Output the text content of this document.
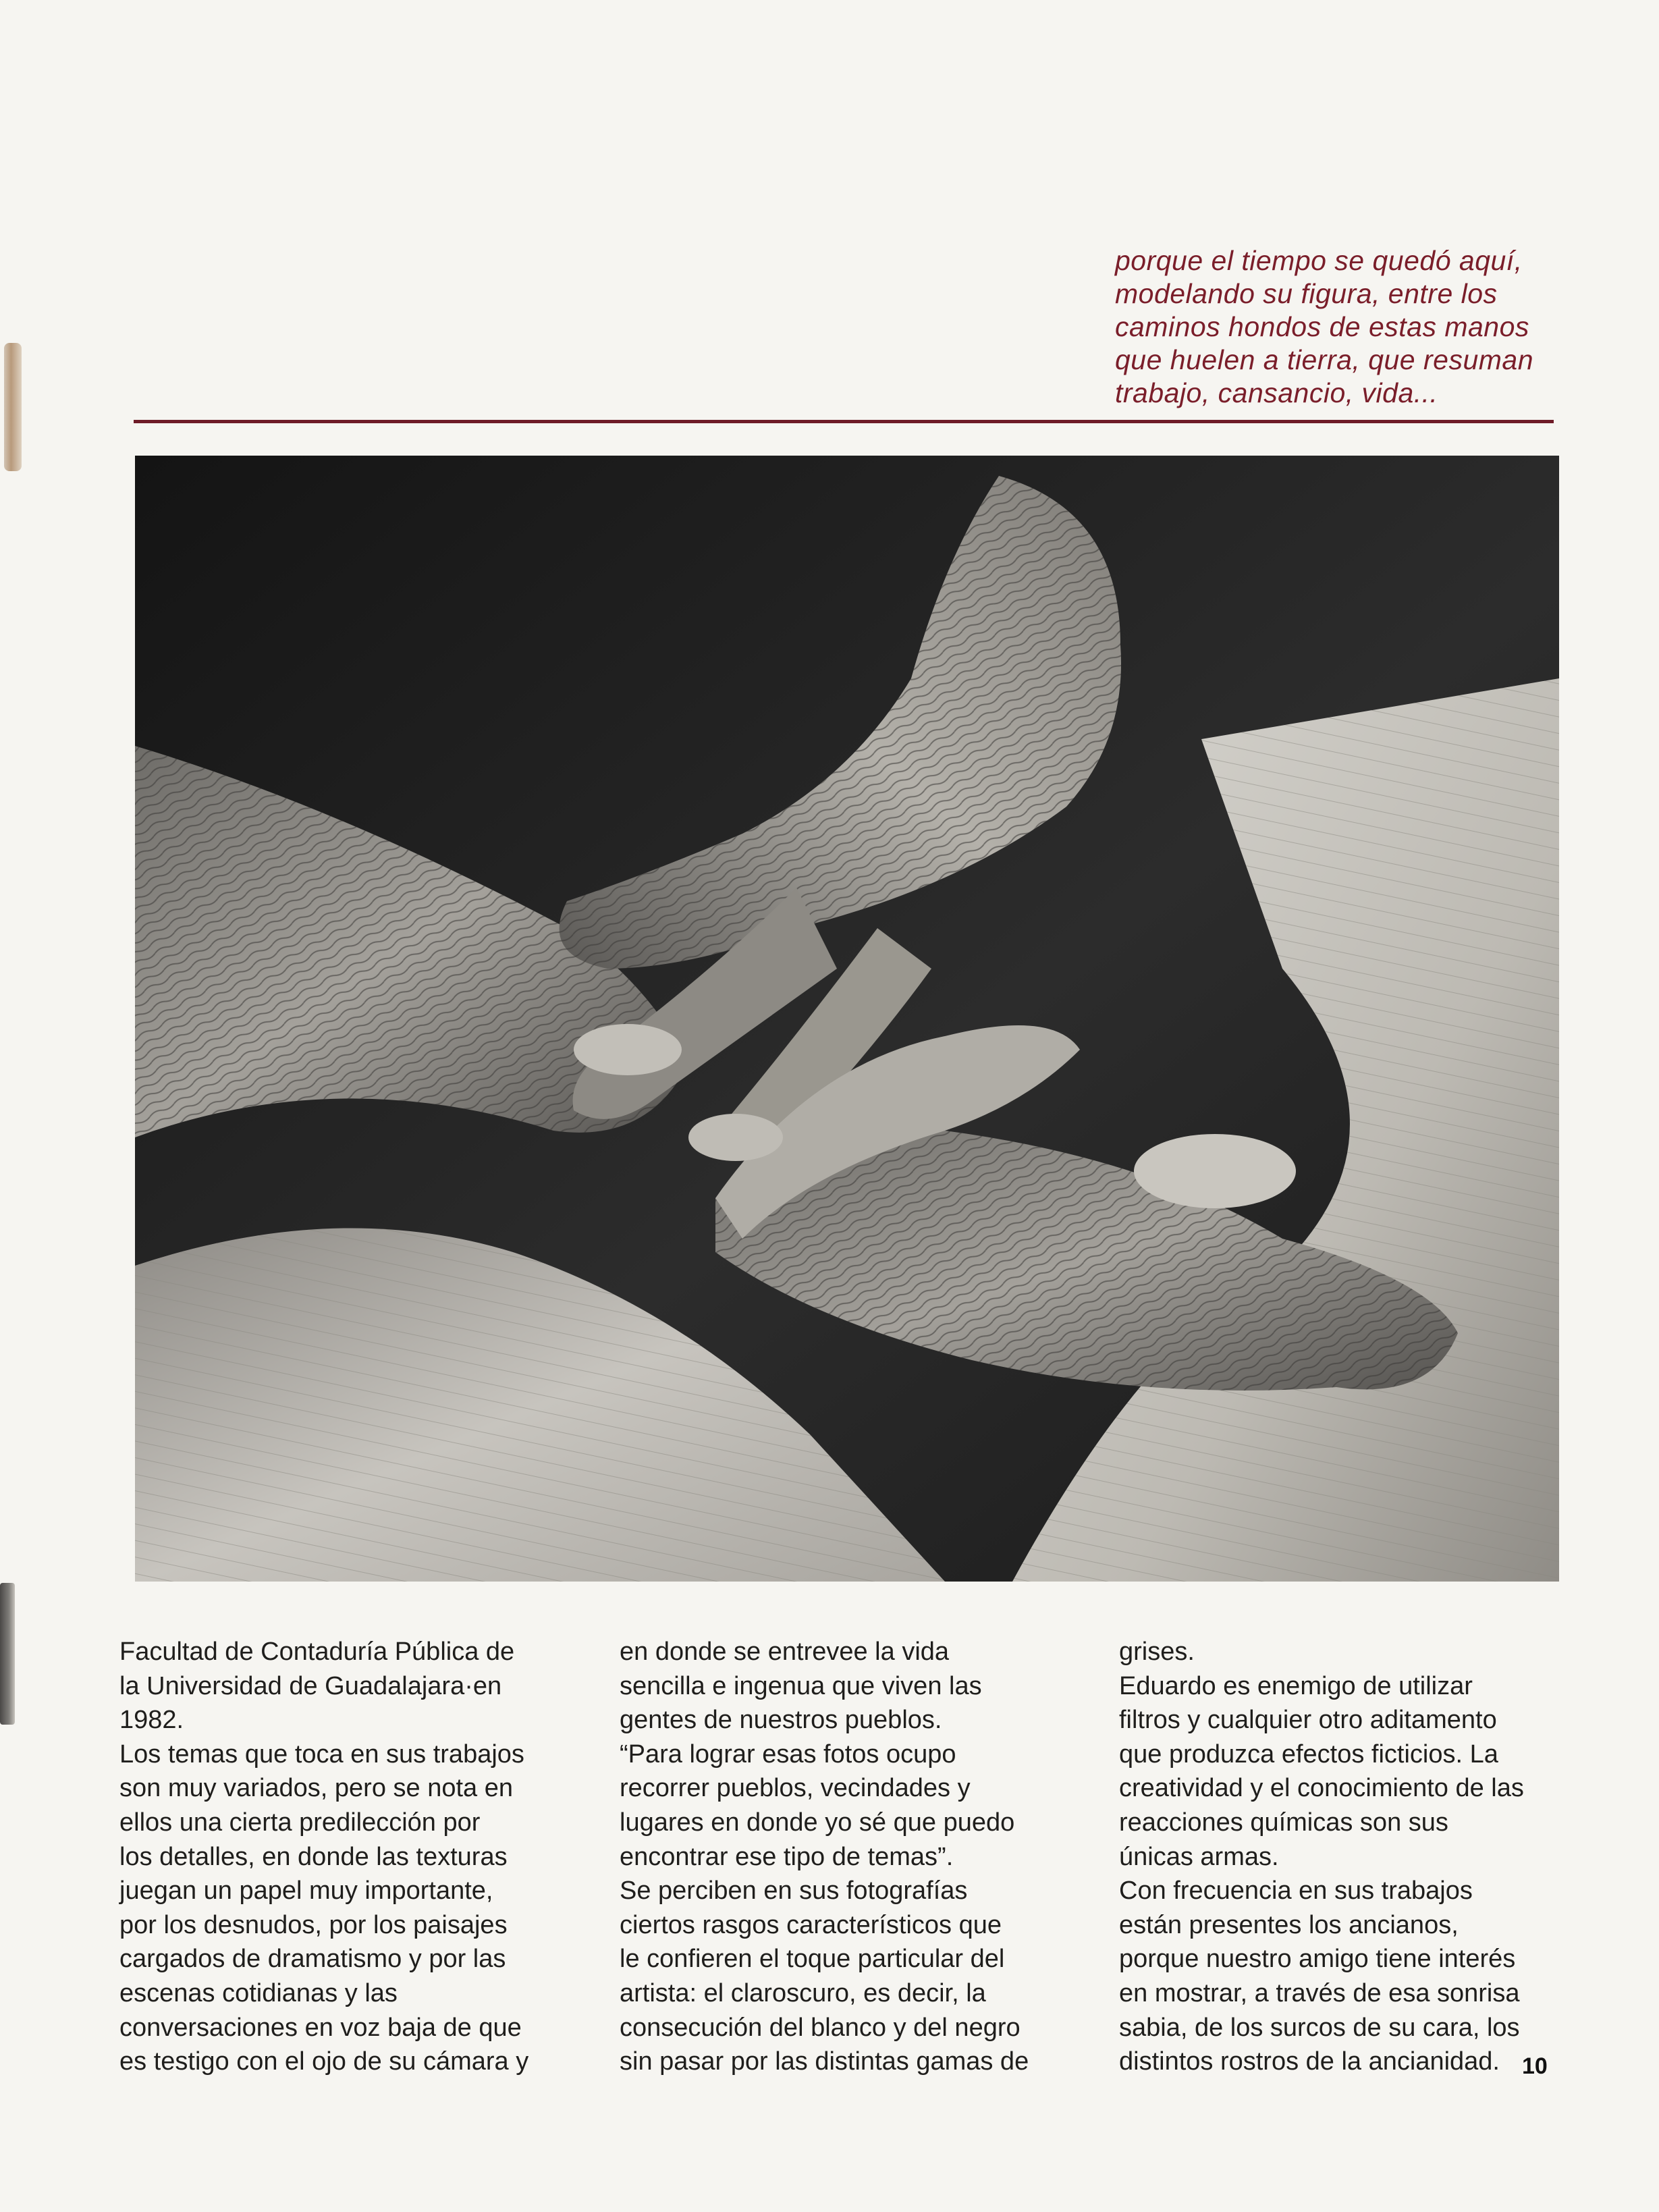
porque el tiempo se quedó aquí,
modelando su figura, entre los
caminos hondos de estas manos
que huelen a tierra, que resuman
trabajo, cansancio, vida...
Facultad de Contaduría Pública de
la Universidad de Guadalajara·en
1982.
Los temas que toca en sus trabajos
son muy variados, pero se nota en
ellos una cierta predilección por
los detalles, en donde las texturas
juegan un papel muy importante,
por los desnudos, por los paisajes
cargados de dramatismo y por las
escenas cotidianas y las
conversaciones en voz baja de que
es testigo con el ojo de su cámara y
en donde se entrevee la vida
sencilla e ingenua que viven las
gentes de nuestros pueblos.
“Para lograr esas fotos ocupo
recorrer pueblos, vecindades y
lugares en donde yo sé que puedo
encontrar ese tipo de temas”.
Se perciben en sus fotografías
ciertos rasgos característicos que
le confieren el toque particular del
artista: el claroscuro, es decir, la
consecución del blanco y del negro
sin pasar por las distintas gamas de
grises.
Eduardo es enemigo de utilizar
filtros y cualquier otro aditamento
que produzca efectos ficticios. La
creatividad y el conocimiento de las
reacciones químicas son sus
únicas armas.
Con frecuencia en sus trabajos
están presentes los ancianos,
porque nuestro amigo tiene interés
en mostrar, a través de esa sonrisa
sabia, de los surcos de su cara, los
distintos rostros de la ancianidad. 10
